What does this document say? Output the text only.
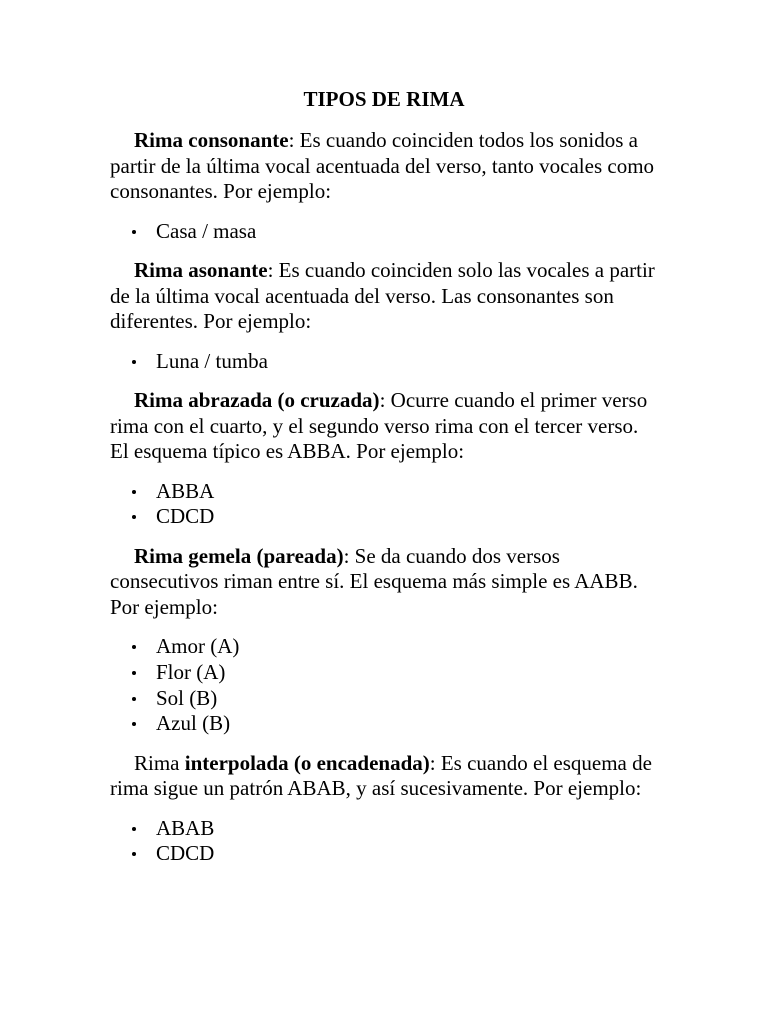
TIPOS DE RIMA

Rima consonante: Es cuando coinciden todos los sonidos a partir de la última vocal acentuada del verso, tanto vocales como consonantes. Por ejemplo:

Casa / masa

Rima asonante: Es cuando coinciden solo las vocales a partir de la última vocal acentuada del verso. Las consonantes son diferentes. Por ejemplo:

Luna / tumba

Rima abrazada (o cruzada): Ocurre cuando el primer verso rima con el cuarto, y el segundo verso rima con el tercer verso. El esquema típico es ABBA. Por ejemplo:

ABBA
CDCD

Rima gemela (pareada): Se da cuando dos versos consecutivos riman entre sí. El esquema más simple es AABB. Por ejemplo:

Amor (A)
Flor (A)
Sol (B)
Azul (B)

Rima interpolada (o encadenada): Es cuando el esquema de rima sigue un patrón ABAB, y así sucesivamente. Por ejemplo:

ABAB
CDCD
